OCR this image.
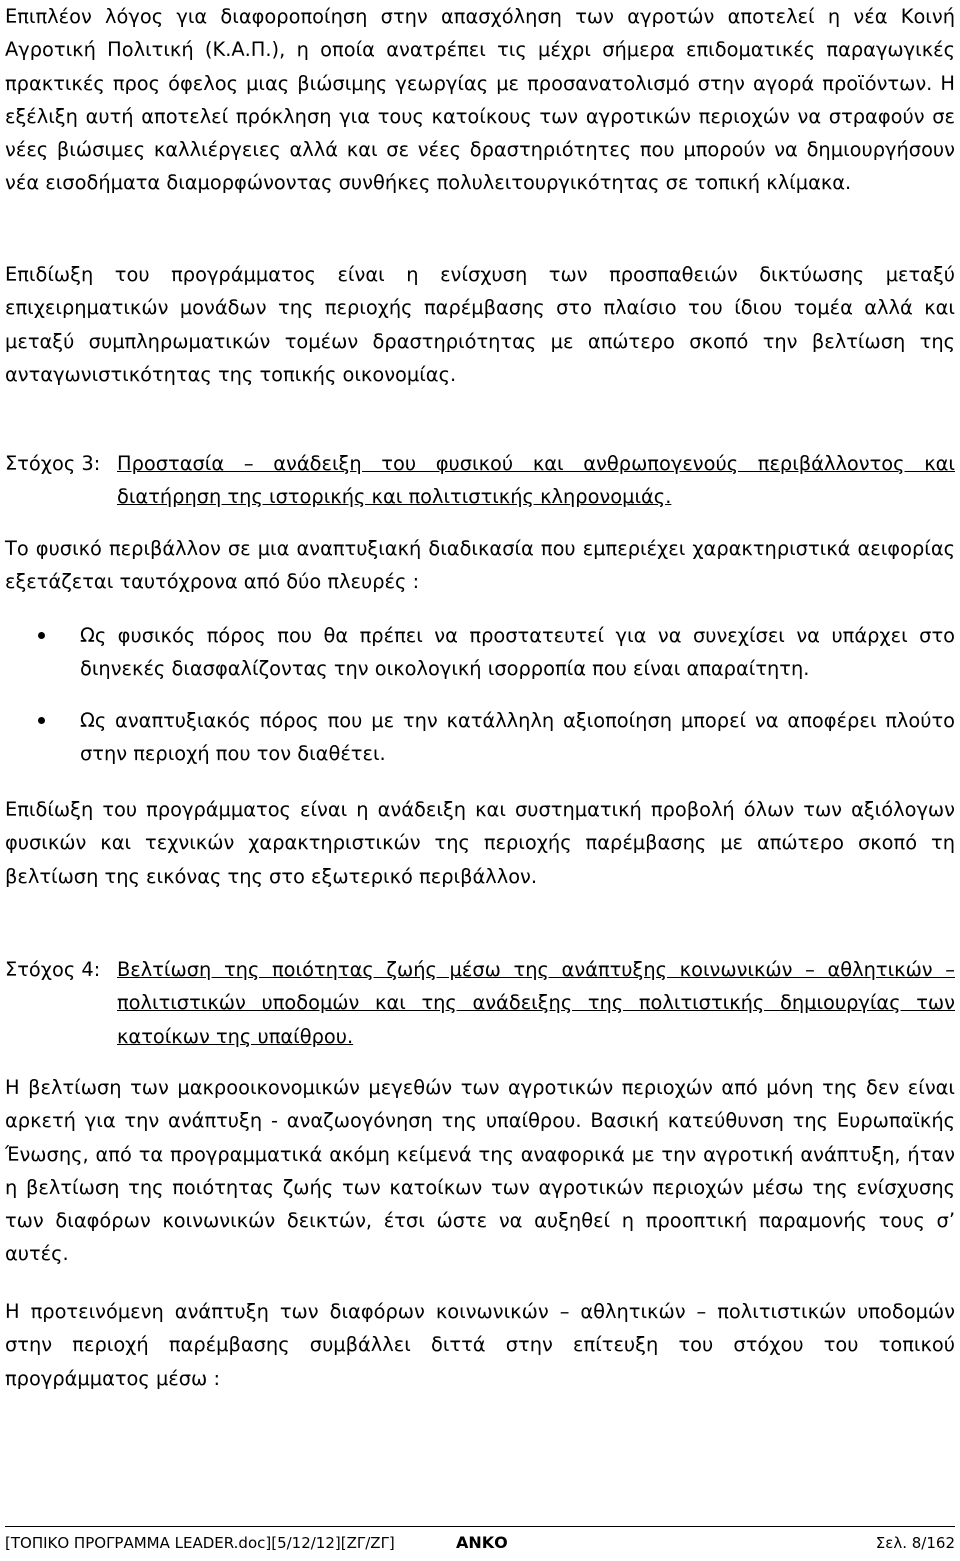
Επιπλέον λόγος για διαφοροποίηση στην απασχόληση των αγροτών αποτελεί η νέα Κοινή Αγροτική Πολιτική (Κ.Α.Π.), η οποία ανατρέπει τις μέχρι σήμερα επιδοματικές παραγωγικές πρακτικές προς όφελος μιας βιώσιμης γεωργίας με προσανατολισμό στην αγορά προϊόντων. Η εξέλιξη αυτή αποτελεί πρόκληση για τους κατοίκους των αγροτικών περιοχών να στραφούν σε νέες βιώσιμες καλλιέργειες αλλά και σε νέες δραστηριότητες που μπορούν να δημιουργήσουν νέα εισοδήματα διαμορφώνοντας συνθήκες πολυλειτουργικότητας σε τοπική κλίμακα.

Επιδίωξη του προγράμματος είναι η ενίσχυση των προσπαθειών δικτύωσης μεταξύ επιχειρηματικών μονάδων της περιοχής παρέμβασης στο πλαίσιο του ίδιου τομέα αλλά και μεταξύ συμπληρωματικών τομέων δραστηριότητας με απώτερο σκοπό την βελτίωση της ανταγωνιστικότητας της τοπικής οικονομίας.

Στόχος 3: Προστασία – ανάδειξη του φυσικού και ανθρωπογενούς περιβάλλοντος και διατήρηση της ιστορικής και πολιτιστικής κληρονομιάς.

Το φυσικό περιβάλλον σε μια αναπτυξιακή διαδικασία που εμπεριέχει χαρακτηριστικά αειφορίας εξετάζεται ταυτόχρονα από δύο πλευρές :

Ως φυσικός πόρος που θα πρέπει να προστατευτεί για να συνεχίσει να υπάρχει στο διηνεκές διασφαλίζοντας την οικολογική ισορροπία που είναι απαραίτητη.
Ως αναπτυξιακός πόρος που με την κατάλληλη αξιοποίηση μπορεί να αποφέρει πλούτο στην περιοχή που τον διαθέτει.

Επιδίωξη του προγράμματος είναι η ανάδειξη και συστηματική προβολή όλων των αξιόλογων φυσικών και τεχνικών χαρακτηριστικών της περιοχής παρέμβασης με απώτερο σκοπό τη βελτίωση της εικόνας της στο εξωτερικό περιβάλλον.

Στόχος 4: Βελτίωση της ποιότητας ζωής μέσω της ανάπτυξης κοινωνικών – αθλητικών – πολιτιστικών υποδομών και της ανάδειξης της πολιτιστικής δημιουργίας των κατοίκων της υπαίθρου.

Η βελτίωση των μακροοικονομικών μεγεθών των αγροτικών περιοχών από μόνη της δεν είναι αρκετή για την ανάπτυξη - αναζωογόνηση της υπαίθρου. Βασική κατεύθυνση της Ευρωπαϊκής Ένωσης, από τα προγραμματικά ακόμη κείμενά της αναφορικά με την αγροτική ανάπτυξη, ήταν η βελτίωση της ποιότητας ζωής των κατοίκων των αγροτικών περιοχών μέσω της ενίσχυσης των διαφόρων κοινωνικών δεικτών, έτσι ώστε να αυξηθεί η προοπτική παραμονής τους σ’ αυτές.

Η προτεινόμενη ανάπτυξη των διαφόρων κοινωνικών – αθλητικών – πολιτιστικών υποδομών στην περιοχή παρέμβασης συμβάλλει διττά στην επίτευξη του στόχου του τοπικού προγράμματος μέσω :

[ΤΟΠΙΚΟ ΠΡΟΓΡΑΜΜΑ LEADER.doc][5/12/12][ΖΓ/ΖΓ]	ΑΝΚΟ	Σελ. 8/162
